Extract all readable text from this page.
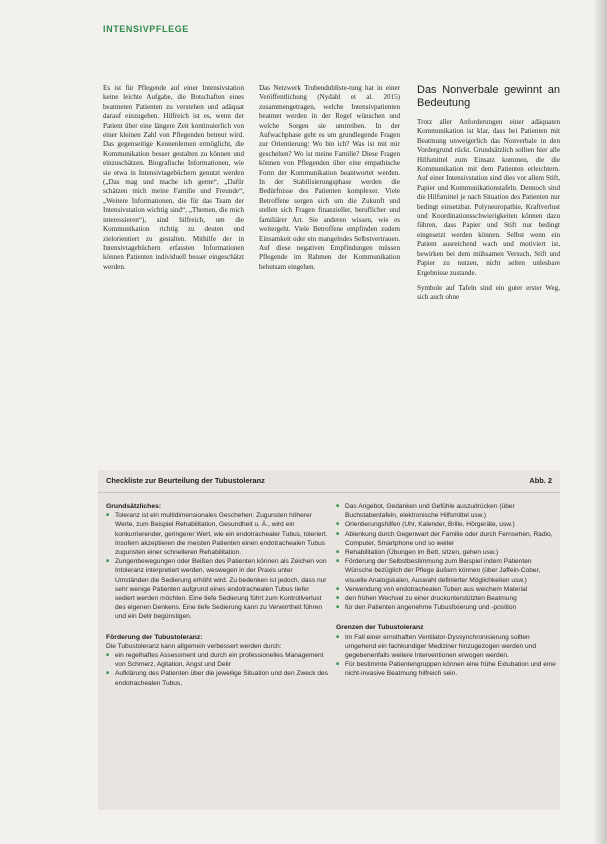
INTENSIVPFLEGE

Es ist für Pflegende auf einer Intensivstation keine leichte Aufgabe, die Botschaften eines beatmeten Patienten zu verstehen und adäquat darauf einzugehen. Hilfreich ist es, wenn der Patient über eine längere Zeit kontinuierlich von einer kleinen Zahl von Pflegenden betreut wird. Das gegenseitige Kennenlernen ermöglicht, die Kommunikation besser gestalten zu können und einzuschätzen. Biografische Informationen, wie sie etwa in Intensivtagebüchern genutzt werden („Das mag und mache ich gerne“, „Dafür schätzen mich meine Familie und Freunde“, „Weitere Informationen, die für das Team der Intensivstation wichtig sind“, „Themen, die mich interessieren“), sind hilfreich, um die Kommunikation richtig zu deuten und zielorientiert zu gestalten. Mithilfe der in Intensivtagebüchern erfassten Informationen können Patienten individuell besser eingeschätzt werden.

Das Netzwerk Trubendubliste-tung hat in einer Veröffentlichung (Nydahl et al. 2015) zusammengetragen, welche Intensivpatienten beatmet werden in der Regel wünschen und welche Sorgen sie umtreiben. In der Aufwachphase geht es um grundlegende Fragen zur Orientierung: Wo bin ich? Was ist mit mir geschehen? Wo ist meine Familie? Diese Fragen können von Pflegenden über eine empathische Form der Kommunikation beantwortet werden. In der Stabilisierungsphase werden die Bedürfnisse des Patienten komplexer. Viele Betroffene sorgen sich um die Zukunft und stellen sich Fragen finanzieller, beruflicher und familiärer Art. Sie anderen wissen, wie es weitergeht. Viele Betroffene empfinden zudem Einsamkeit oder ein mangelndes Selbstvertrauen. Auf diese negativen Empfindungen müssen Pflegende im Rahmen der Kommunikation behutsam eingehen.

Das Nonverbale gewinnt an Bedeutung

Trotz aller Anforderungen einer adäquaten Kommunikation ist klar, dass bei Patienten mit Beatmung unweigerlich das Nonverbale in den Vordergrund rückt. Grundsätzlich sollten hier alle Hilfsmittel zum Einsatz kommen, die die Kommunikation mit dem Patienten erleichtern. Auf einer Intensivstation sind dies vor allem Stift, Papier und Kommunikationstafeln. Dennoch sind die Hilfsmittel je nach Situation des Patienten nur bedingt einsetzbar. Polyneuropathie, Kraftverlust und Koordinationsschwierigkeiten können dazu führen, dass Papier und Stift nur bedingt eingesetzt werden können. Selbst wenn ein Patient ausreichend wach und motiviert ist, bewirken bei dem mühsamen Versuch, Stift und Papier zu nutzen, nicht selten unlesbare Ergebnisse zustande.

Symbole auf Tafeln sind ein guter erster Weg, sich auch ohne

Checkliste zur Beurteilung der Tubustoleranz	Abb. 2
Grundsätzliches:
■ Toleranz ist ein multidimensionales Geschehen: Zugunsten höherer Werte, zum Beispiel Rehabilitation, Gesundheit u. Ä., wird ein konkurrierender, geringerer Wert, wie ein endotrachealer Tubus, toleriert. Insofern akzeptieren die meisten Patienten einen endotrachealen Tubus zugunsten einer schnelleren Rehabilitation.
■ Zungenbewegungen oder Beißen des Patienten können als Zeichen von Intoleranz interpretiert werden, weswegen in der Praxis unter Umständen die Sedierung erhöht wird. Zu bedenken ist jedoch, dass nur sehr wenige Patienten aufgrund eines endotrachealen Tubus tiefer sediert werden möchten. Eine tiefe Sedierung führt zum Kontrollverlust des eigenen Denkens. Eine tiefe Sedierung kann zu Verwirrtheit führen und ein Delir begünstigen.
Förderung der Tubustoleranz:

Die Tubustoleranz kann allgemein verbessert werden durch:

■ ein regelhaftes Assessment und durch ein professionelles Management von Schmerz, Agitation, Angst und Delir
■ Aufklärung des Patienten über die jeweilige Situation und den Zweck des endotrachealen Tubus,
■ Das Angebot, Gedanken und Gefühle auszudrücken (über Buchstabentafeln, elektronische Hilfsmittel usw.)
■ Orientierungshilfen (Uhr, Kalender, Brille, Hörgeräte, usw.)
■ Ablenkung durch Gegenwart der Familie oder durch Fernsehen, Radio, Computer, Smartphone und so weiter
■ Rehabilitation (Übungen im Bett, sitzen, gehen usw.)
■ Förderung der Selbstbestimmung zum Beispiel indem Patienten Wünsche bezüglich der Pflege äußern können (über Jaffein-Cober, visuelle Analogskalen, Auswahl definierter Möglichkeiten usw.)
■ Verwendung von endotrachealen Tuben aus weichem Material
■ den frühen Wechsel zu einer druckunterstützten Beatmung
■ für den Patienten angenehme Tubusfixierung und -position
Grenzen der Tubustoleranz
■ Im Fall einer ernsthaften Ventilator-Dyssynchronisierung sollten umgehend ein fachkundiger Mediziner hinzugezogen werden und gegebenenfalls weitere Interventionen erwogen werden.
■ Für bestimmte Patientengruppen können eine frühe Extubation und eine nicht-invasive Beatmung hilfreich sein.
